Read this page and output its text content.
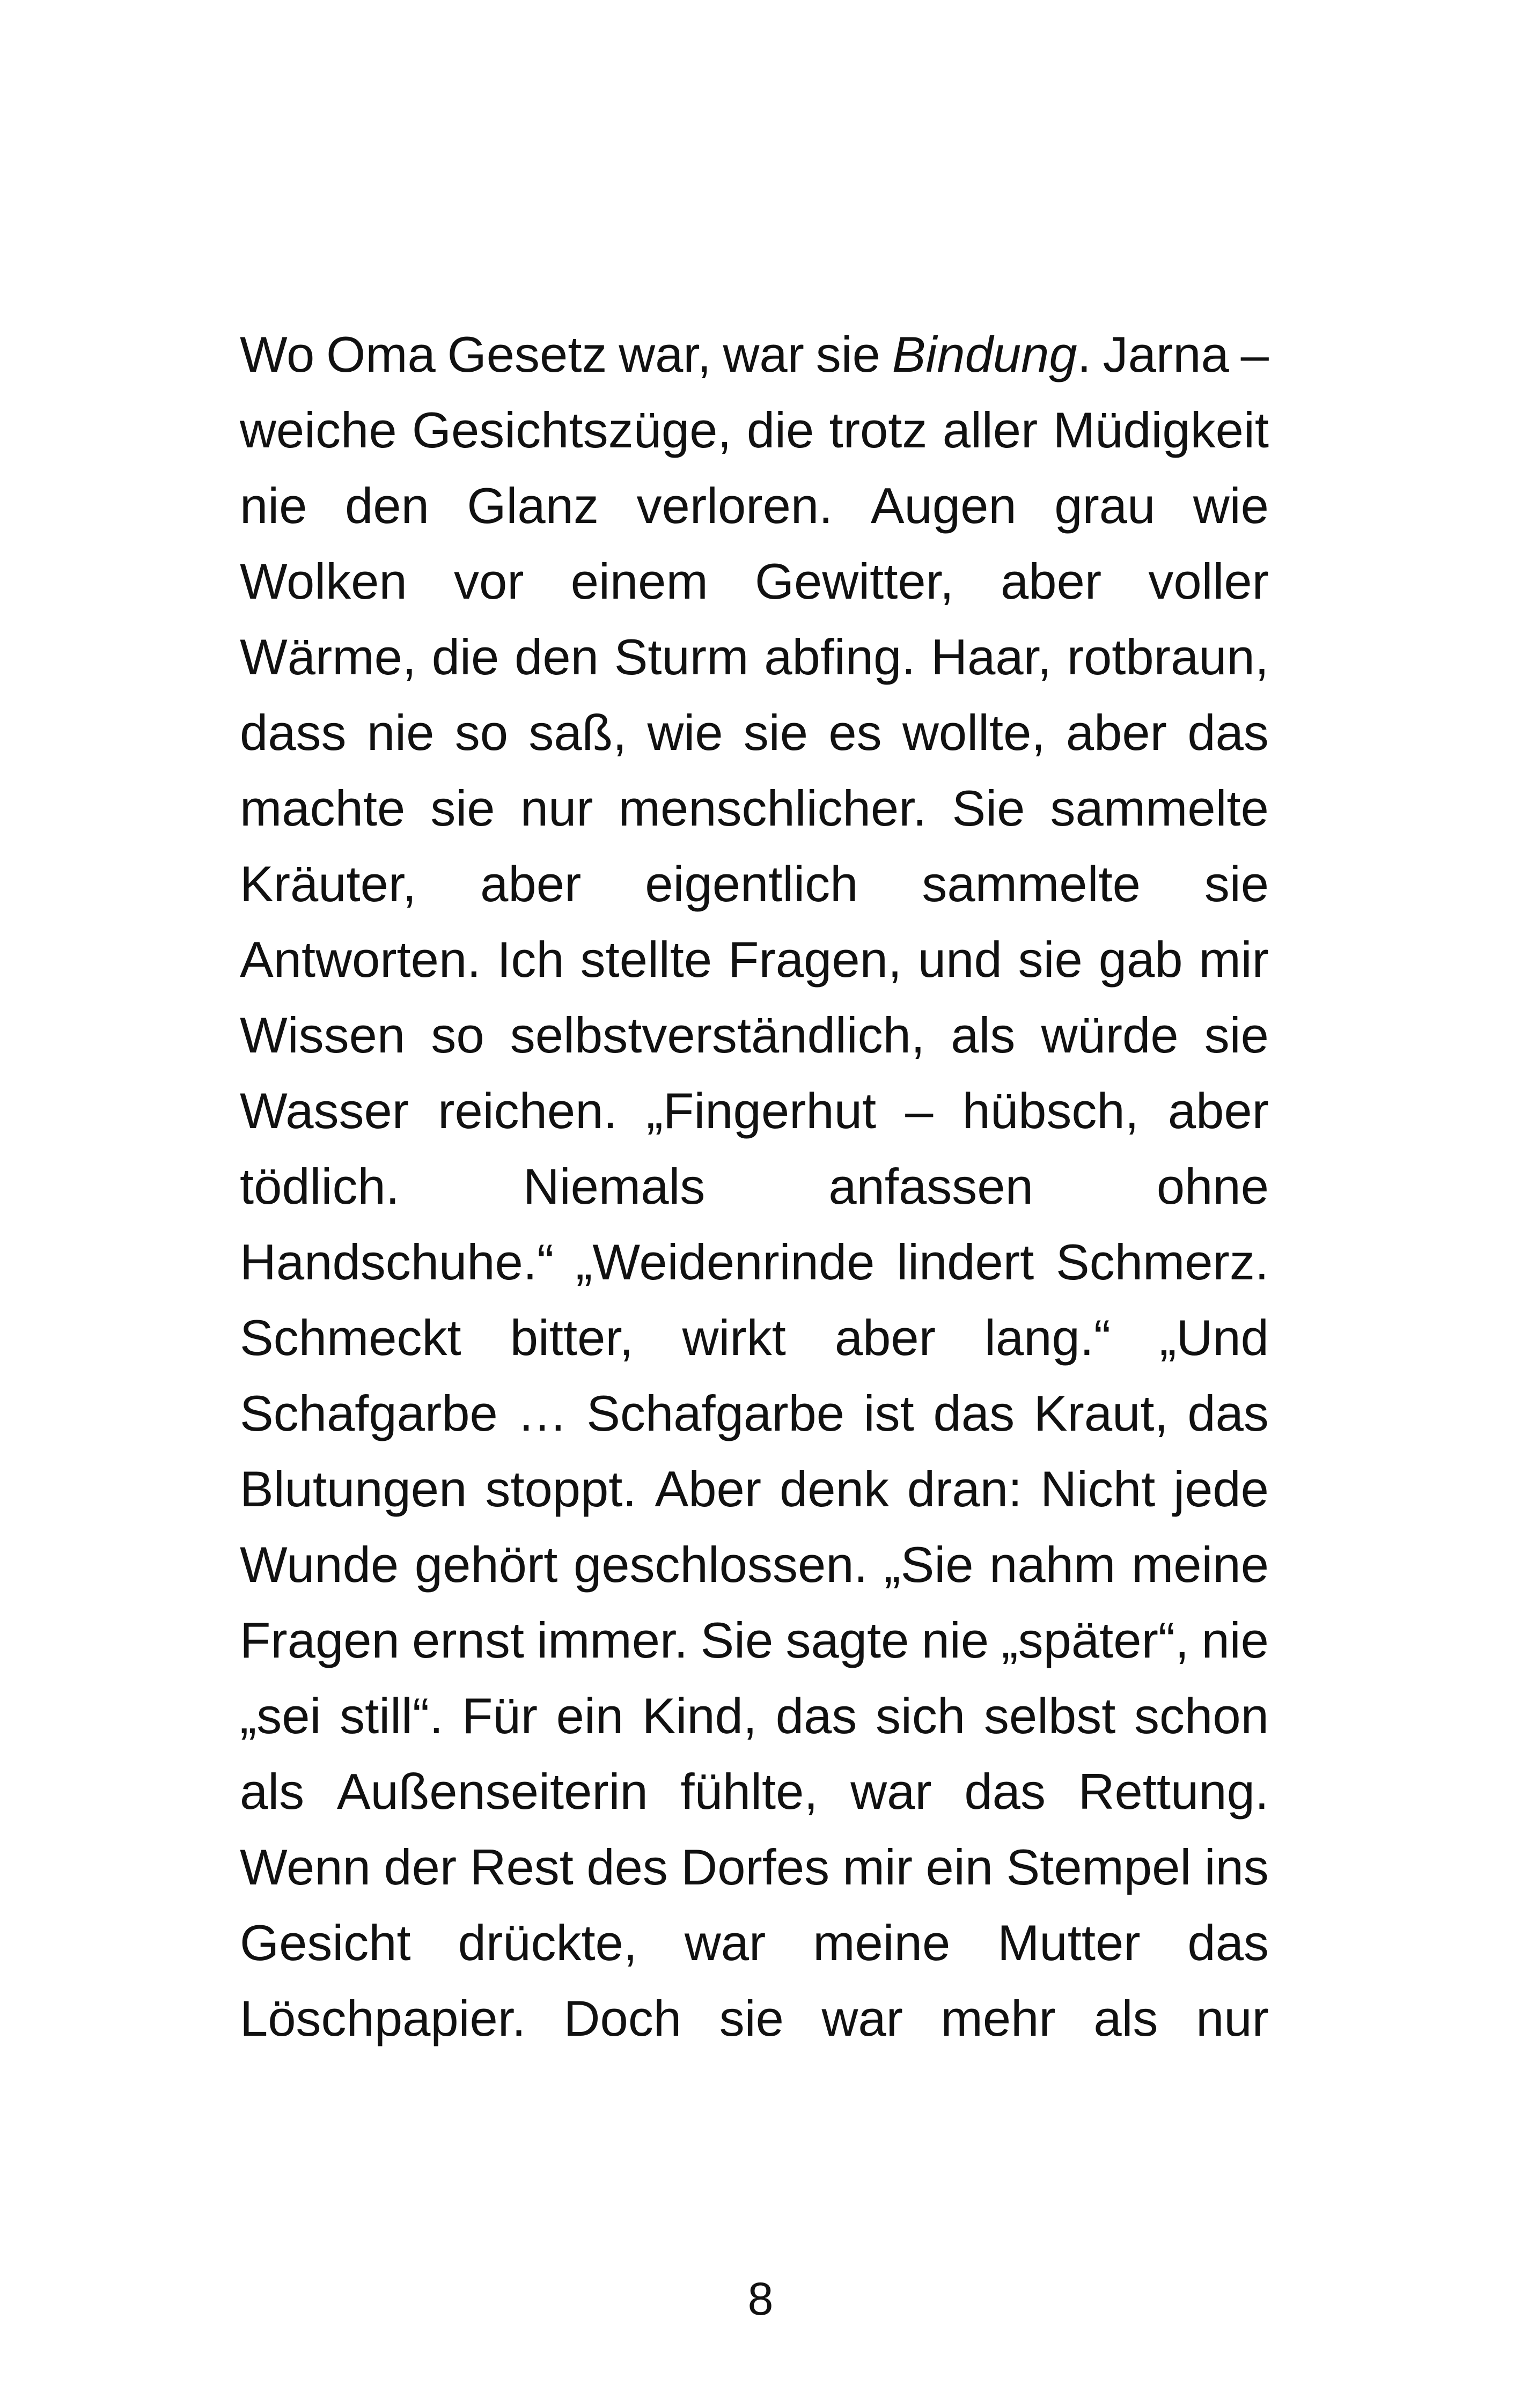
Wo Oma Gesetz war, war sie Bindung. Jarna –
weiche Gesichtszüge, die trotz aller Müdigkeit
nie den Glanz verloren. Augen grau wie
Wolken vor einem Gewitter, aber voller
Wärme, die den Sturm abfing. Haar, rotbraun,
dass nie so saß, wie sie es wollte, aber das
machte sie nur menschlicher. Sie sammelte
Kräuter, aber eigentlich sammelte sie
Antworten. Ich stellte Fragen, und sie gab mir
Wissen so selbstverständlich, als würde sie
Wasser reichen. „Fingerhut – hübsch, aber
tödlich. Niemals anfassen ohne
Handschuhe.“ „Weidenrinde lindert Schmerz.
Schmeckt bitter, wirkt aber lang.“ „Und
Schafgarbe … Schafgarbe ist das Kraut, das
Blutungen stoppt. Aber denk dran: Nicht jede
Wunde gehört geschlossen. „Sie nahm meine
Fragen ernst immer. Sie sagte nie „später“, nie
„sei still“. Für ein Kind, das sich selbst schon
als Außenseiterin fühlte, war das Rettung.
Wenn der Rest des Dorfes mir ein Stempel ins
Gesicht drückte, war meine Mutter das
Löschpapier. Doch sie war mehr als nur
8
